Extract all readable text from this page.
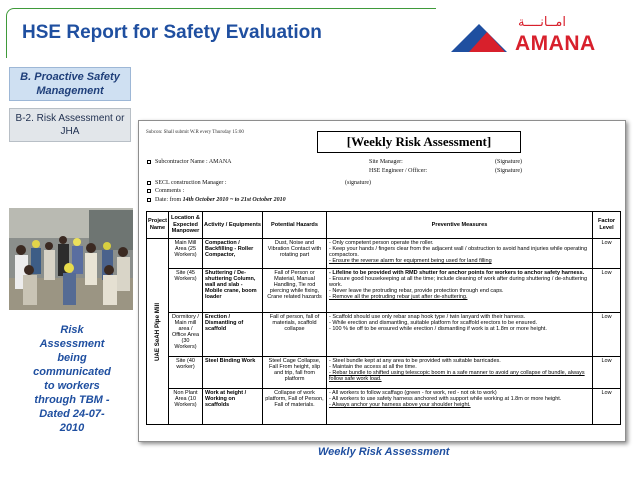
HSE Report for Safety Evaluation	امــانــــة
AMANA
B. Proactive Safety Management
B-2. Risk Assessment or JHA
Risk Assessment being communicated to workers through TBM - Dated 24-07-2010
Subcon: Shall submit W.R every Thursday 15:00
[Weekly Risk Assessment]
Subcontractor Name : AMANA	Site Manager:	(Signature)
HSE Engineer / Officer:	(Signature)
SECL construction Manager :	(signature)
Comments :
Date: from 14th October 2010 ~ to 21st October 2010
Project Name	Location & Expected Manpower	Activity / Equipments	Potential Hazards	Preventive Measures	Factor Level

UAE SeAH Pipe Mill	Main Mill Area (25 Workers)	Compaction / Backfilling - Roller Compactor,	Dust, Noise and Vibration Contact with rotating part	- Only competent person operate the roller.
- Keep your hands / fingers clear from the adjacent wall / obstruction to avoid hand injuries while operating compactors.
- Ensure the reverse alarm for equipment being used for land filling	Low
	Site (45 Workers)	Shuttering / De-shuttering Column, wall and slab - Mobile crane, boom loader	Fall of Person or Material, Manual Handling, Tie rod piercing while fixing, Crane related hazards	- Lifeline to be provided with RMD shutter for anchor points for workers to anchor safety harness.
- Ensure good housekeeping at all the time; include cleaning of work after during shuttering / de-shuttering work.
- Never leave the protruding rebar, provide protection through end caps.
- Remove all the protruding rebar just after de-shuttering.	Low
	Dormitory / Main mill area / Office Area (30 Workers)	Erection / Dismantling of scaffold	Fall of person, fall of materials, scaffold collapse	- Scaffold should use only rebar snap hook type / twin lanyard with their harness.
- While erection and dismantling, suitable platform for scaffold erectors to be ensured.
- 100 % tie off to be ensured while erection / dismantling if work is at 1.8m or more height.	Low
	Site (40 worker)	Steel Binding Work	Steel Cage Collapse, Fall From height, slip and trip, fall from platform	- Steel bundle kept at any area to be provided with suitable barricades.
- Maintain the access at all the time.
- Rebar bundle to shifted using telescopic boom in a safe manner to avoid any collapse of bundle, always follow safe work load.	Low
	Non Plant Area (10 Workers)	Work at height / Working on scaffolds	Collapse of work platform, Fall of Person, Fall of materials.	- All workers to follow scaffago (green - for work, red - not ok to work)
- All workers to use safety harness anchored with support while working at 1.8m or more height.
- Always anchor your harness above your shoulder height.	Low
Weekly Risk Assessment
